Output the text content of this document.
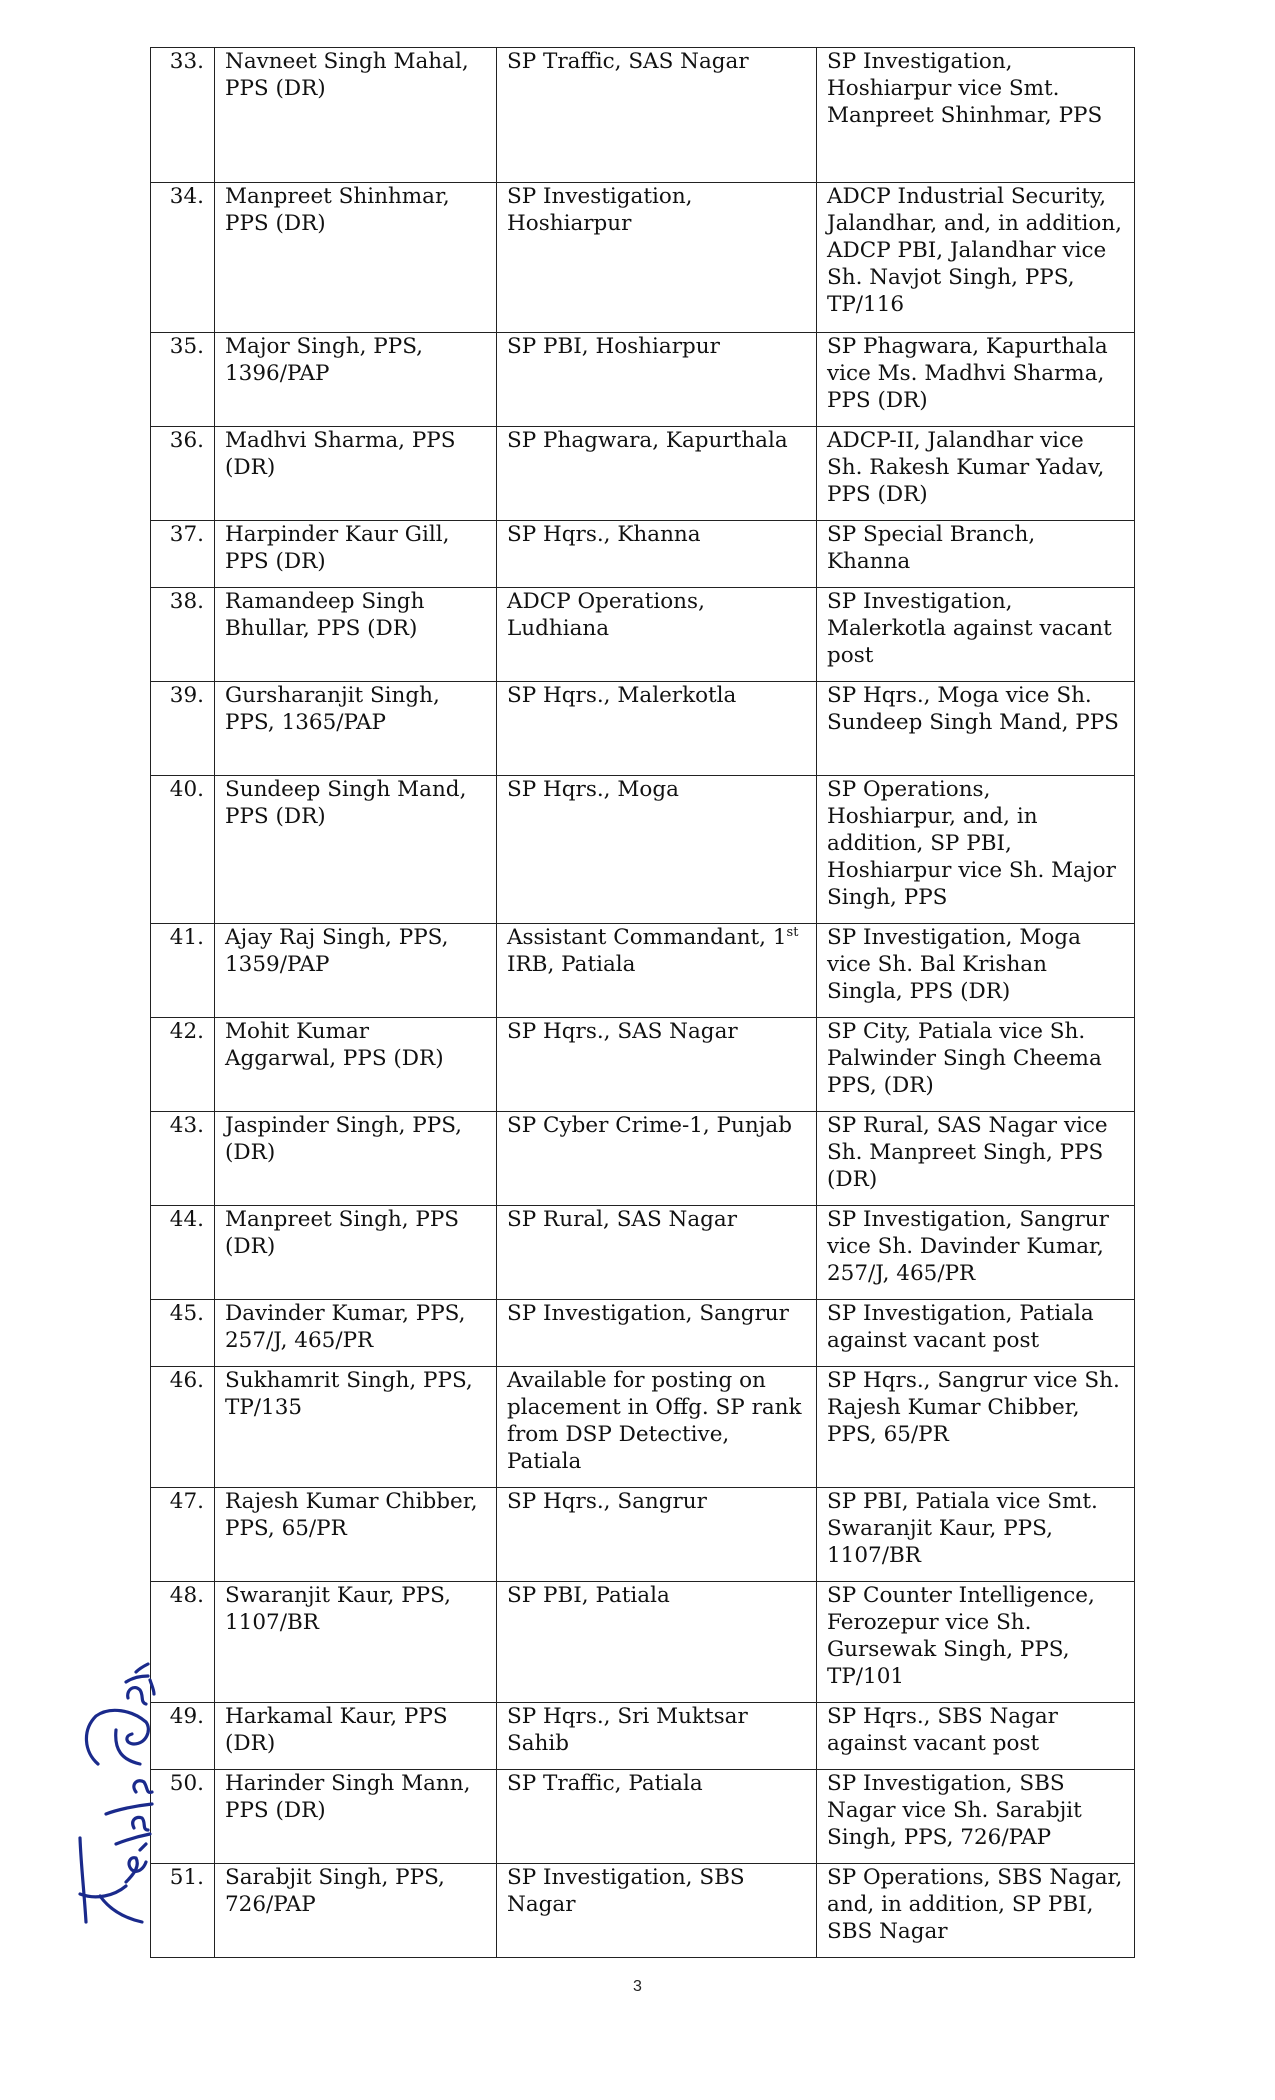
33.	Navneet Singh Mahal, PPS (DR)	SP Traffic, SAS Nagar	SP Investigation, Hoshiarpur vice Smt. Manpreet Shinhmar, PPS
34.	Manpreet Shinhmar, PPS (DR)	SP Investigation, Hoshiarpur	ADCP Industrial Security, Jalandhar, and, in addition, ADCP PBI, Jalandhar vice Sh. Navjot Singh, PPS, TP/116
35.	Major Singh, PPS, 1396/PAP	SP PBI, Hoshiarpur	SP Phagwara, Kapurthala vice Ms. Madhvi Sharma, PPS (DR)
36.	Madhvi Sharma, PPS (DR)	SP Phagwara, Kapurthala	ADCP-II, Jalandhar vice Sh. Rakesh Kumar Yadav, PPS (DR)
37.	Harpinder Kaur Gill, PPS (DR)	SP Hqrs., Khanna	SP Special Branch, Khanna
38.	Ramandeep Singh Bhullar, PPS (DR)	ADCP Operations, Ludhiana	SP Investigation, Malerkotla against vacant post
39.	Gursharanjit Singh, PPS, 1365/PAP	SP Hqrs., Malerkotla	SP Hqrs., Moga vice Sh. Sundeep Singh Mand, PPS
40.	Sundeep Singh Mand, PPS (DR)	SP Hqrs., Moga	SP Operations, Hoshiarpur, and, in addition, SP PBI, Hoshiarpur vice Sh. Major Singh, PPS
41.	Ajay Raj Singh, PPS, 1359/PAP	Assistant Commandant, 1st IRB, Patiala	SP Investigation, Moga vice Sh. Bal Krishan Singla, PPS (DR)
42.	Mohit Kumar Aggarwal, PPS (DR)	SP Hqrs., SAS Nagar	SP City, Patiala vice Sh. Palwinder Singh Cheema PPS, (DR)
43.	Jaspinder Singh, PPS, (DR)	SP Cyber Crime-1, Punjab	SP Rural, SAS Nagar vice Sh. Manpreet Singh, PPS (DR)
44.	Manpreet Singh, PPS (DR)	SP Rural, SAS Nagar	SP Investigation, Sangrur vice Sh. Davinder Kumar, 257/J, 465/PR
45.	Davinder Kumar, PPS, 257/J, 465/PR	SP Investigation, Sangrur	SP Investigation, Patiala against vacant post
46.	Sukhamrit Singh, PPS, TP/135	Available for posting on placement in Offg. SP rank from DSP Detective, Patiala	SP Hqrs., Sangrur vice Sh. Rajesh Kumar Chibber, PPS, 65/PR
47.	Rajesh Kumar Chibber, PPS, 65/PR	SP Hqrs., Sangrur	SP PBI, Patiala vice Smt. Swaranjit Kaur, PPS, 1107/BR
48.	Swaranjit Kaur, PPS, 1107/BR	SP PBI, Patiala	SP Counter Intelligence, Ferozepur vice Sh. Gursewak Singh, PPS, TP/101
49.	Harkamal Kaur, PPS (DR)	SP Hqrs., Sri Muktsar Sahib	SP Hqrs., SBS Nagar against vacant post
50.	Harinder Singh Mann, PPS (DR)	SP Traffic, Patiala	SP Investigation, SBS Nagar vice Sh. Sarabjit Singh, PPS, 726/PAP
51.	Sarabjit Singh, PPS, 726/PAP	SP Investigation, SBS Nagar	SP Operations, SBS Nagar, and, in addition, SP PBI, SBS Nagar
3
